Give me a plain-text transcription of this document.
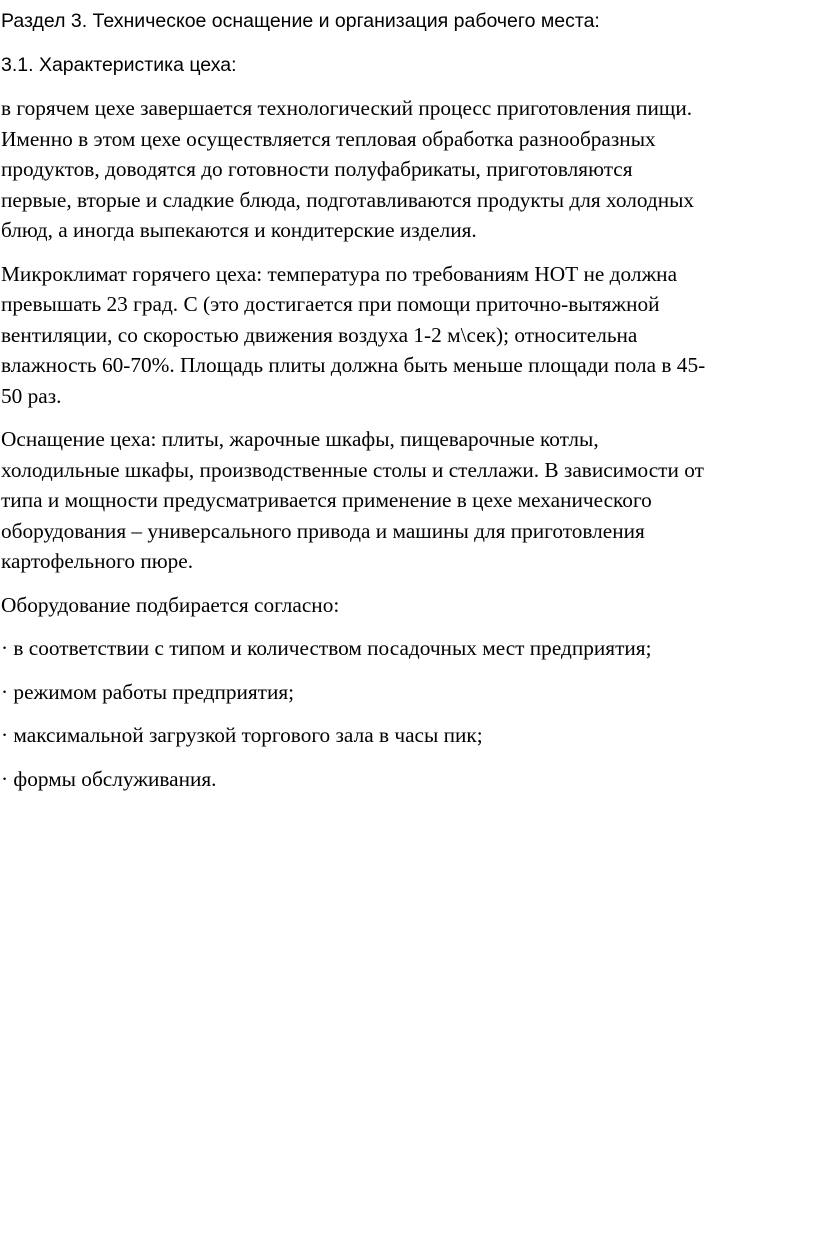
Раздел 3. Техническое оснащение и организация рабочего места:

3.1. Характеристика цеха:

в горячем цехе завершается технологический процесс приготовления пищи.
Именно в этом цехе осуществляется тепловая обработка разнообразных
продуктов, доводятся до готовности полуфабрикаты, приготовляются
первые, вторые и сладкие блюда, подготавливаются продукты для холодных
блюд, а иногда выпекаются и кондитерские изделия.

Микроклимат горячего цеха: температура по требованиям НОТ не должна
превышать 23 град. С (это достигается при помощи приточно-вытяжной
вентиляции, со скоростью движения воздуха 1-2 м\сек); относительна
влажность 60-70%. Площадь плиты должна быть меньше площади пола в 45-
50 раз.

Оснащение цеха: плиты, жарочные шкафы, пищеварочные котлы,
холодильные шкафы, производственные столы и стеллажи. В зависимости от
типа и мощности предусматривается применение в цехе механического
оборудования – универсального привода и машины для приготовления
картофельного пюре.

Оборудование подбирается согласно:

· в соответствии с типом и количеством посадочных мест предприятия;

· режимом работы предприятия;

· максимальной загрузкой торгового зала в часы пик;

· формы обслуживания.
